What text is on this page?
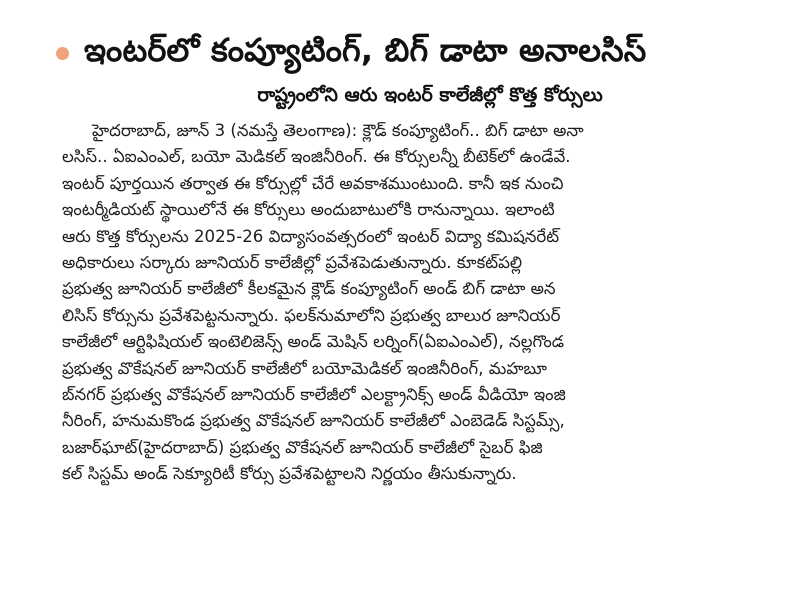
ఇంటర్‌లో కంప్యూటింగ్‌, బిగ్‌ డాటా అనాలసిస్‌
రాష్ట్రంలోని ఆరు ఇంటర్‌ కాలేజీల్లో కొత్త కోర్సులు
హైదరాబాద్‌, జూన్‌ 3 (నమస్తే తెలంగాణ): క్లౌడ్‌ కంప్యూటింగ్‌.. బిగ్‌ డాటా అనా
లసిస్‌.. ఏఐఎంఎల్‌, బయో మెడికల్‌ ఇంజినీరింగ్‌. ఈ కోర్సులన్నీ బీటెక్‌లో ఉండేవే.
ఇంటర్‌ పూర్తయిన తర్వాత ఈ కోర్సుల్లో చేరే అవకాశముంటుంది. కానీ ఇక నుంచి
ఇంటర్మీడియట్‌ స్థాయిలోనే ఈ కోర్సులు అందుబాటులోకి రానున్నాయి. ఇలాంటి
ఆరు కొత్త కోర్సులను 2025-26 విద్యాసంవత్సరంలో ఇంటర్‌ విద్యా కమిషనరేట్‌
అధికారులు సర్కారు జూనియర్‌ కాలేజీల్లో ప్రవేశపెడుతున్నారు. కూకట్‌పల్లి
ప్రభుత్వ జూనియర్‌ కాలేజీలో కీలకమైన క్లౌడ్‌ కంప్యూటింగ్‌ అండ్‌ బిగ్‌ డాటా అన
లిసిస్‌ కోర్సును ప్రవేశపెట్టనున్నారు. ఫలక్‌నుమాలోని ప్రభుత్వ బాలుర జూనియర్‌
కాలేజీలో ఆర్టిఫిషియల్‌ ఇంటెలిజెన్స్‌ అండ్‌ మెషిన్‌ లర్నింగ్‌(ఏఐఎంఎల్‌), నల్లగొండ
ప్రభుత్వ వొకేషనల్‌ జూనియర్‌ కాలేజీలో బయోమెడికల్‌ ఇంజినీరింగ్‌, మహబూ
బ్‌నగర్‌ ప్రభుత్వ వొకేషనల్‌ జూనియర్‌ కాలేజీలో ఎలక్ట్రానిక్స్‌ అండ్‌ వీడియో ఇంజి
నీరింగ్‌, హనుమకొండ ప్రభుత్వ వొకేషనల్‌ జూనియర్‌ కాలేజీలో ఎంబెడెడ్‌ సిస్టమ్స్‌,
బజార్‌ఘాట్‌(హైదరాబాద్‌) ప్రభుత్వ వొకేషనల్‌ జూనియర్‌ కాలేజీలో సైబర్‌ ఫిజి
కల్‌ సిస్టమ్‌ అండ్‌ సెక్యూరిటీ కోర్సు ప్రవేశపెట్టాలని నిర్ణయం తీసుకున్నారు.
